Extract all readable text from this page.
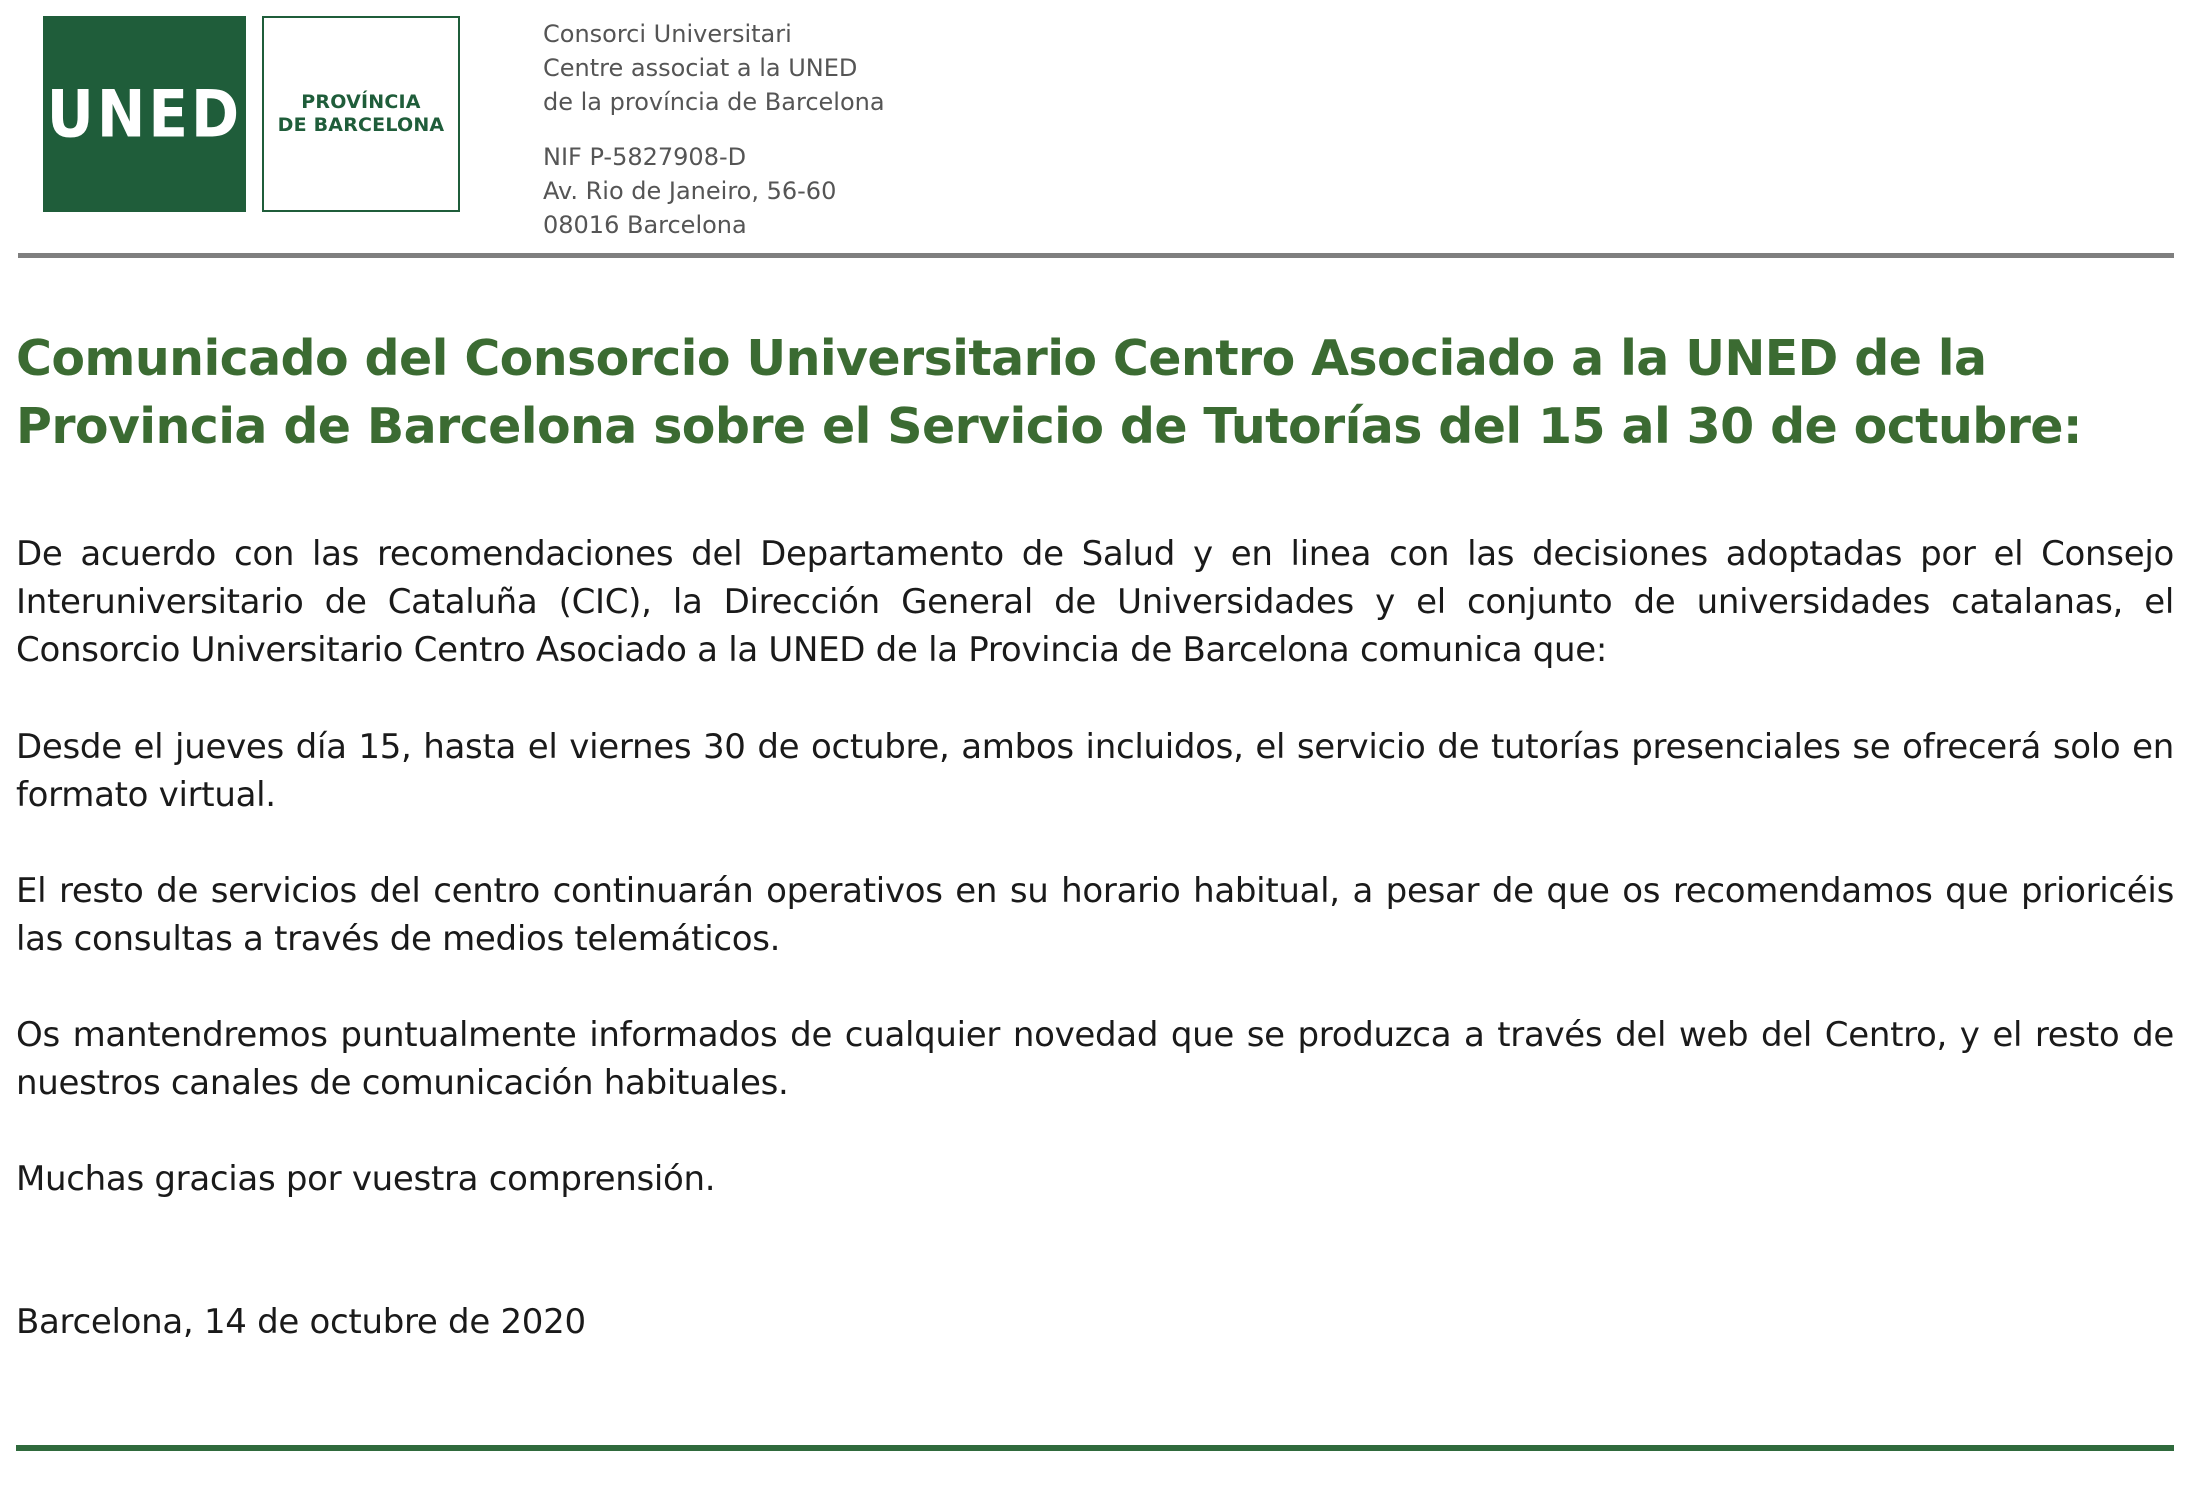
UNED	PROVÍNCIA
DE BARCELONA
Consorci Universitari
Centre associat a la UNED
de la província de Barcelona
NIF P-5827908-D
Av. Rio de Janeiro, 56-60
08016 Barcelona
Comunicado del Consorcio Universitario Centro Asociado a la UNED de la Provincia de Barcelona sobre el Servicio de Tutorías del 15 al 30 de octubre:

De acuerdo con las recomendaciones del Departamento de Salud y en linea con las decisiones adoptadas por el Consejo Interuniversitario de Cataluña (CIC), la Dirección General de Universidades y el conjunto de universidades catalanas, el Consorcio Universitario Centro Asociado a la UNED de la Provincia de Barcelona comunica que:

Desde el jueves día 15, hasta el viernes 30 de octubre, ambos incluidos, el servicio de tutorías presenciales se ofrecerá solo en formato virtual.

El resto de servicios del centro continuarán operativos en su horario habitual, a pesar de que os recomendamos que prioricéis las consultas a través de medios telemáticos.

Os mantendremos puntualmente informados de cualquier novedad que se produzca a través del web del Centro, y el resto de nuestros canales de comunicación habituales.

Muchas gracias por vuestra comprensión.

Barcelona, 14 de octubre de 2020
